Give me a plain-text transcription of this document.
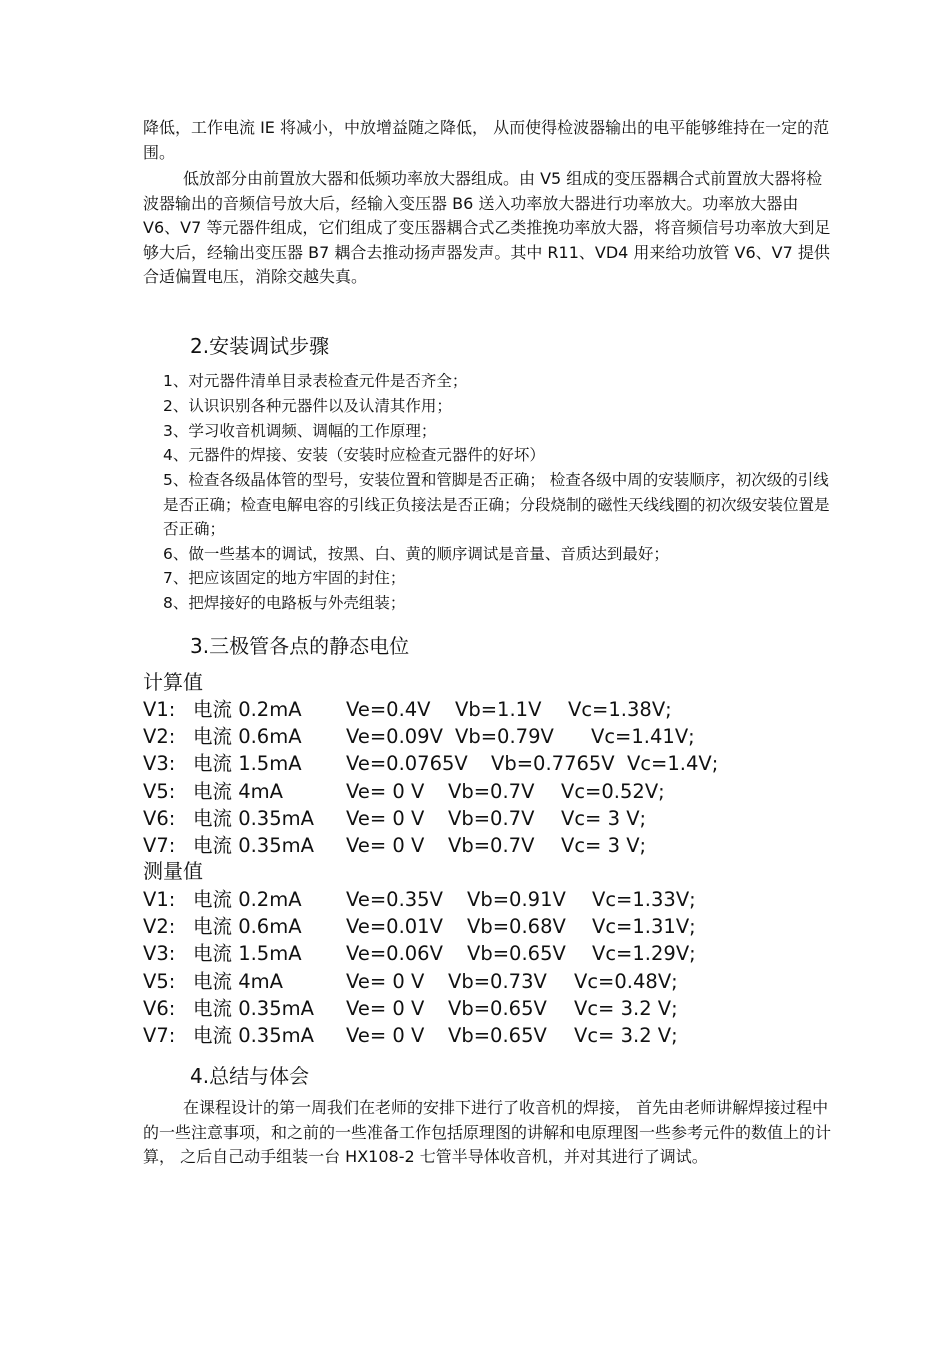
降低，工作电流 IE 将减小，中放增益随之降低， 从而使得检波器输出的电平能够维持在一定的范围。

低放部分由前置放大器和低频功率放大器组成。由 V5 组成的变压器耦合式前置放大器将检波器输出的音频信号放大后，经输入变压器 B6 送入功率放大器进行功率放大。功率放大器由 V6、V7 等元器件组成，它们组成了变压器耦合式乙类推挽功率放大器，将音频信号功率放大到足够大后，经输出变压器 B7 耦合去推动扬声器发声。其中 R11、VD4 用来给功放管 V6、V7 提供合适偏置电压，消除交越失真。

2.安装调试步骤
1、对元器件清单目录表检查元件是否齐全；
2、认识识别各种元器件以及认清其作用；
3、学习收音机调频、调幅的工作原理；
4、元器件的焊接、安装（安装时应检查元器件的好坏）
5、检查各级晶体管的型号，安装位置和管脚是否正确； 检查各级中周的安装顺序，初次级的引线是否正确；检查电解电容的引线正负接法是否正确；分段烧制的磁性天线线圈的初次级安装位置是否正确；
6、做一些基本的调试，按黑、白、黄的顺序调试是音量、音质达到最好；
7、把应该固定的地方牢固的封住；
8、把焊接好的电路板与外壳组装；
3.三极管各点的静态电位

计算值

V1: 电流 0.2mA Ve=0.4V Vb=1.1V Vc=1.38V;
V2: 电流 0.6mA Ve=0.09V Vb=0.79V Vc=1.41V;
V3: 电流 1.5mA Ve=0.0765V Vb=0.7765V Vc=1.4V;
V5: 电流 4mA	Ve= 0 V Vb=0.7V Vc=0.52V;
V6: 电流 0.35mA Ve= 0 V Vb=0.7V Vc= 3 V;
V7: 电流 0.35mA Ve= 0 V Vb=0.7V Vc= 3 V;

测量值

V1: 电流 0.2mA Ve=0.35V Vb=0.91V Vc=1.33V;
V2: 电流 0.6mA Ve=0.01V Vb=0.68V Vc=1.31V;
V3: 电流 1.5mA Ve=0.06V Vb=0.65V Vc=1.29V;
V5: 电流 4mA	Ve= 0 V Vb=0.73V Vc=0.48V;
V6: 电流 0.35mA Ve= 0 V Vb=0.65V Vc= 3.2 V;
V7: 电流 0.35mA Ve= 0 V Vb=0.65V Vc= 3.2 V;
4.总结与体会

在课程设计的第一周我们在老师的安排下进行了收音机的焊接， 首先由老师讲解焊接过程中的一些注意事项，和之前的一些准备工作包括原理图的讲解和电原理图一些参考元件的数值上的计算， 之后自己动手组装一台 HX108-2 七管半导体收音机，并对其进行了调试。
